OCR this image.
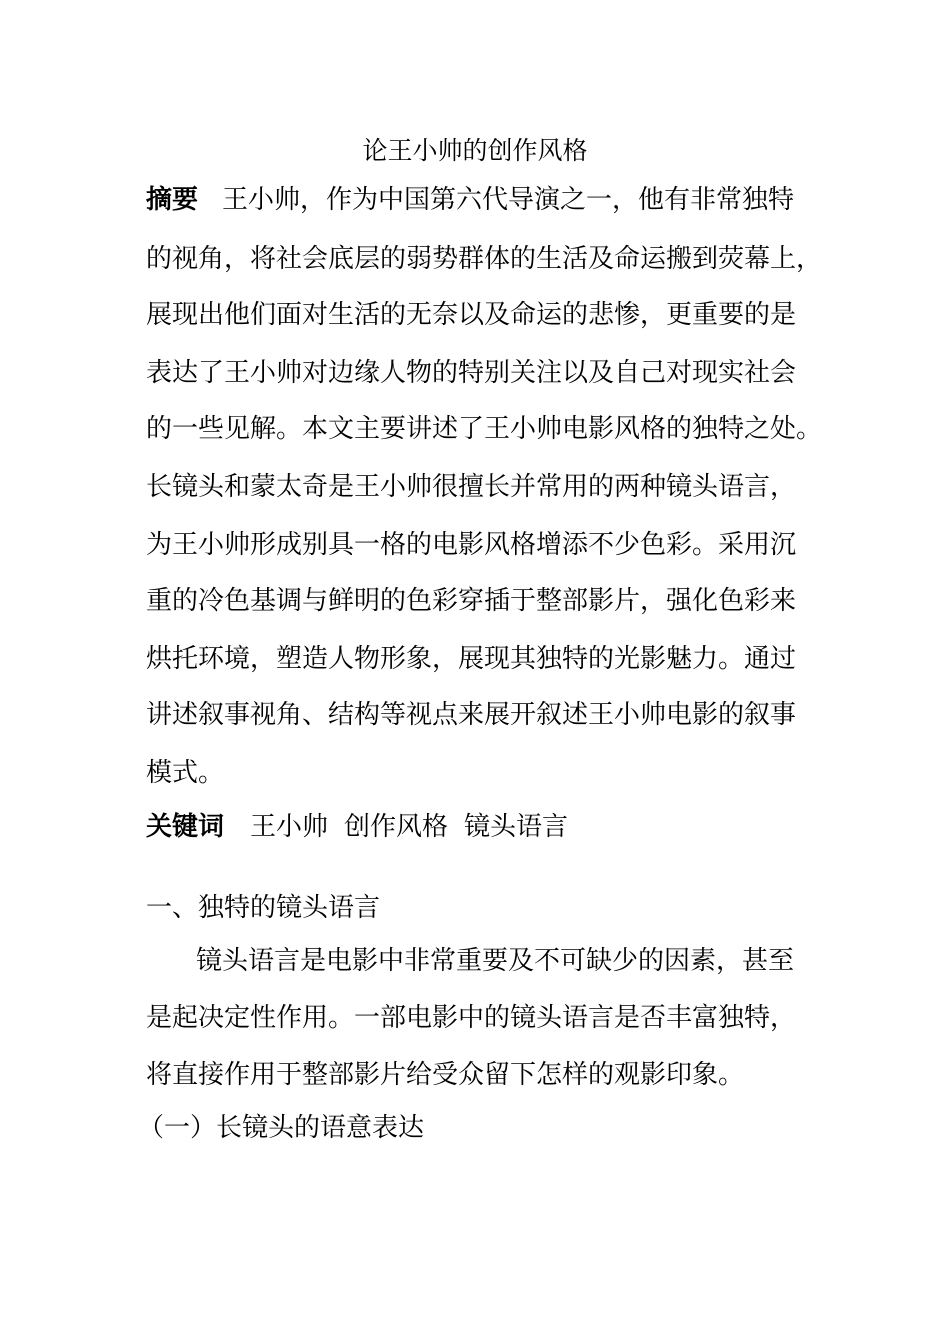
论王小帅的创作风格
摘要 王小帅，作为中国第六代导演之一，他有非常独特
的视角，将社会底层的弱势群体的生活及命运搬到荧幕上，
展现出他们面对生活的无奈以及命运的悲惨，更重要的是
表达了王小帅对边缘人物的特别关注以及自己对现实社会
的一些见解。本文主要讲述了王小帅电影风格的独特之处。
长镜头和蒙太奇是王小帅很擅长并常用的两种镜头语言，
为王小帅形成别具一格的电影风格增添不少色彩。采用沉
重的冷色基调与鲜明的色彩穿插于整部影片，强化色彩来
烘托环境，塑造人物形象，展现其独特的光影魅力。通过
讲述叙事视角、结构等视点来展开叙述王小帅电影的叙事
模式。
关键词 王小帅 创作风格 镜头语言
一、独特的镜头语言
镜头语言是电影中非常重要及不可缺少的因素，甚至
是起决定性作用。一部电影中的镜头语言是否丰富独特，
将直接作用于整部影片给受众留下怎样的观影印象。
（一）长镜头的语意表达
